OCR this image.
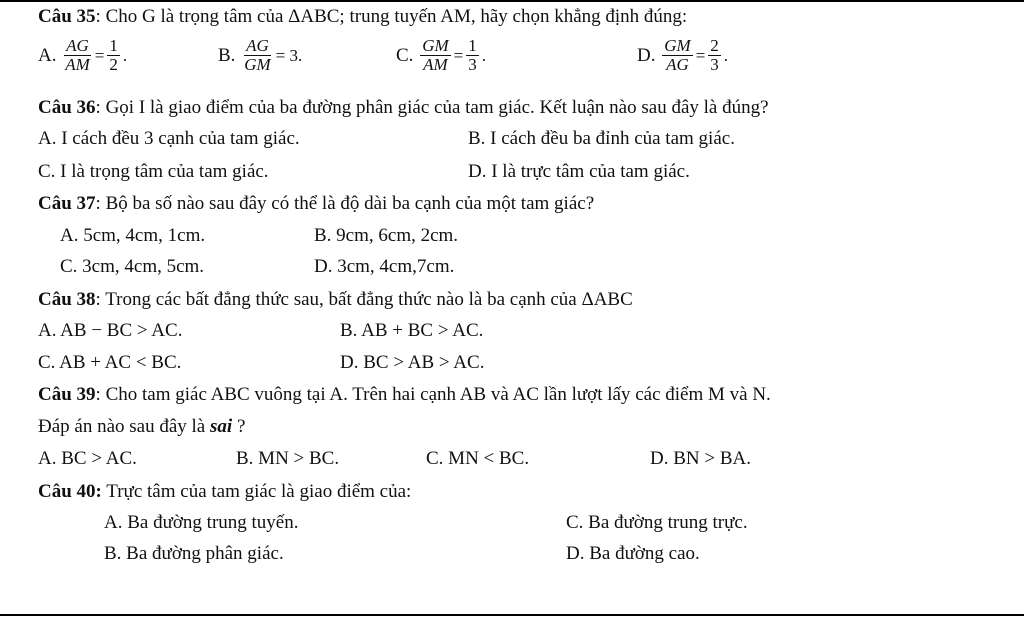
Câu 35: Cho G là trọng tâm của ΔABC; trung tuyến AM, hãy chọn khẳng định đúng:
A. $\frac{AG}{AM} = \frac{1}{2}$ .	B. $\frac{AG}{GM} = 3$.	C. $\frac{GM}{AM} = \frac{1}{3}$ .	D. $\frac{GM}{AG} = \frac{2}{3}$ .
Câu 36: Gọi I là giao điểm của ba đường phân giác của tam giác. Kết luận nào sau đây là đúng?
A. I cách đều 3 cạnh của tam giác.	B. I cách đều ba đỉnh của tam giác.
C. I là trọng tâm của tam giác.	D. I là trực tâm của tam giác.
Câu 37: Bộ ba số nào sau đây có thể là độ dài ba cạnh của một tam giác?
A. 5cm, 4cm, 1cm.	B. 9cm, 6cm, 2cm.
C. 3cm, 4cm, 5cm.	D. 3cm, 4cm,7cm.
Câu 38: Trong các bất đẳng thức sau, bất đẳng thức nào là ba cạnh của ΔABC
A. AB − BC > AC.	B. AB + BC > AC.
C. AB + AC < BC.	D. BC > AB > AC.
Câu 39: Cho tam giác ABC vuông tại A. Trên hai cạnh AB và AC lần lượt lấy các điểm M và N.
Đáp án nào sau đây là sai ?
A. BC > AC.	B. MN > BC.	C. MN < BC.	D. BN > BA.
Câu 40: Trực tâm của tam giác là giao điểm của:
A. Ba đường trung tuyến.	C. Ba đường trung trực.
B. Ba đường phân giác.	D. Ba đường cao.
